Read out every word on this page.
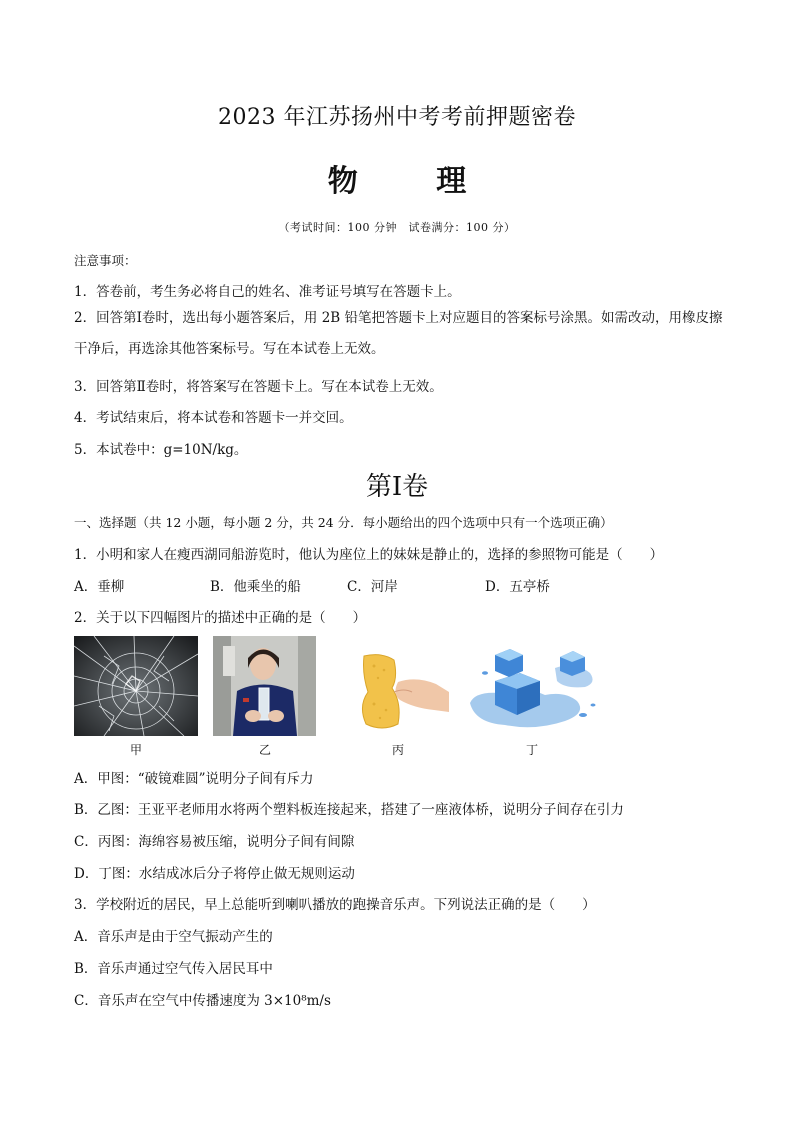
2023 年江苏扬州中考考前押题密卷
物 理
（考试时间：100 分钟　试卷满分：100 分）
注意事项：
1．答卷前，考生务必将自己的姓名、准考证号填写在答题卡上。
2．回答第Ⅰ卷时，选出每小题答案后，用 2B 铅笔把答题卡上对应题目的答案标号涂黑。如需改动，用橡皮擦干净后，再选涂其他答案标号。写在本试卷上无效。
3．回答第Ⅱ卷时，将答案写在答题卡上。写在本试卷上无效。
4．考试结束后，将本试卷和答题卡一并交回。
5．本试卷中：g=10N/kg。
第Ⅰ卷
一、选择题（共 12 小题，每小题 2 分，共 24 分．每小题给出的四个选项中只有一个选项正确）
1．小明和家人在瘦西湖同船游览时，他认为座位上的妹妹是静止的，选择的参照物可能是（　　）
A．垂柳	B．他乘坐的船	C．河岸	D．五亭桥
2．关于以下四幅图片的描述中正确的是（　　）
甲	乙	丙	丁
A．甲图：“破镜难圆”说明分子间有斥力
B．乙图：王亚平老师用水将两个塑料板连接起来，搭建了一座液体桥，说明分子间存在引力
C．丙图：海绵容易被压缩，说明分子间有间隙
D．丁图：水结成冰后分子将停止做无规则运动
3．学校附近的居民，早上总能听到喇叭播放的跑操音乐声。下列说法正确的是（　　）
A．音乐声是由于空气振动产生的
B．音乐声通过空气传入居民耳中
C．音乐声在空气中传播速度为 3×10⁸m/s
